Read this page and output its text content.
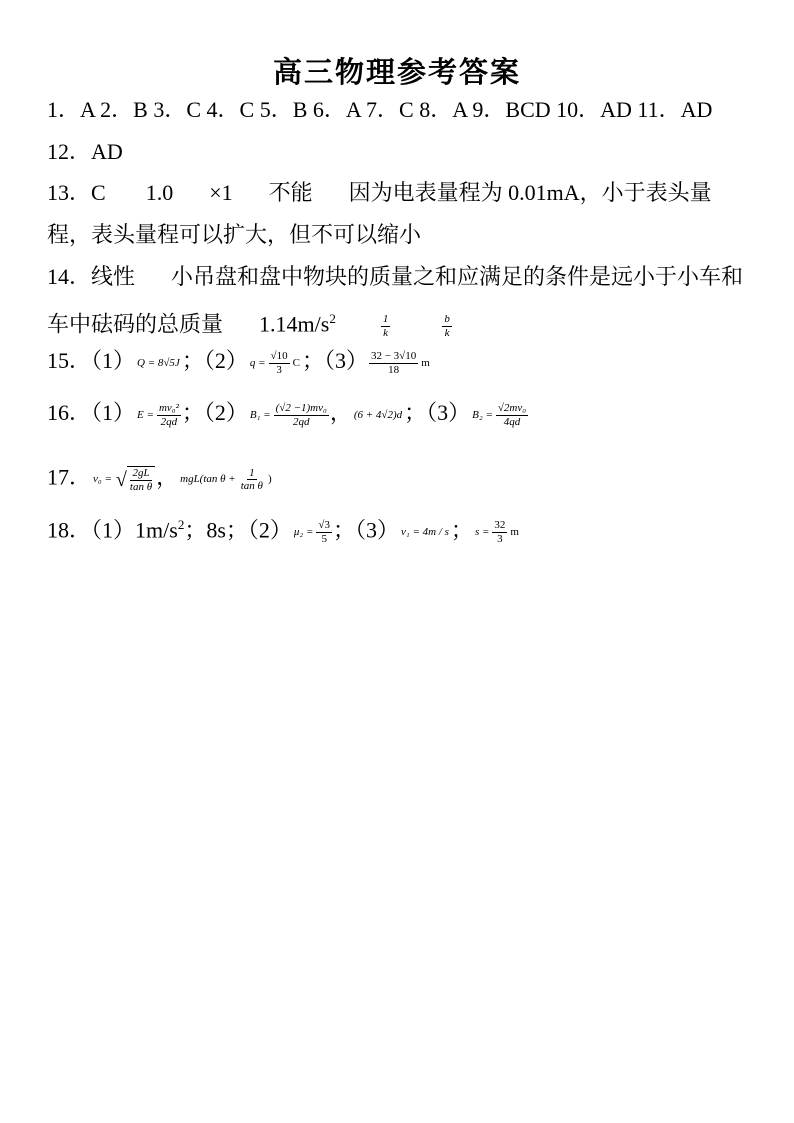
高三物理参考答案
1．A 2．B 3．C 4．C 5．B 6．A 7．C 8．A 9．BCD 10．AD 11．AD
12．AD
13．C 1.0 ×1 不能 因为电表量程为 0.01mA，小于表头量程，表头量程可以扩大，但不可以缩小
14．线性 小吊盘和盘中物块的质量之和应满足的条件是远小于小车和车中砝码的总质量 $1.14m/s^2$	$\frac{1}{k}$	$\frac{b}{k}$
15．（1） Q = 8√5J；（2） $q = \frac{√10}{3}$ C；$(3) \frac{32 - 3√10}{18}$ m
16．（1） $E = \frac{\text{mv₀²}}{2qd}$ ；（2） $B_1 = \frac{\text{(√2 −1)mv₀}}{2qd}$ ， (6 + 4√2)d；（3） $B_2 = \frac{\text{√2mv₀}}{4qd}$
17． v₀ = √ $\frac{2gL}{\text{tan θ}}$ ， mgL(tan $\theta + \frac{1}{\text{tan θ}}$ )
18．$(1)1m/s^2$；8s；（2） $\mu_2 = \frac{√3}{5}$ ；（3） v₁ = 4m / s； $s = \frac{32}{3}$ m
